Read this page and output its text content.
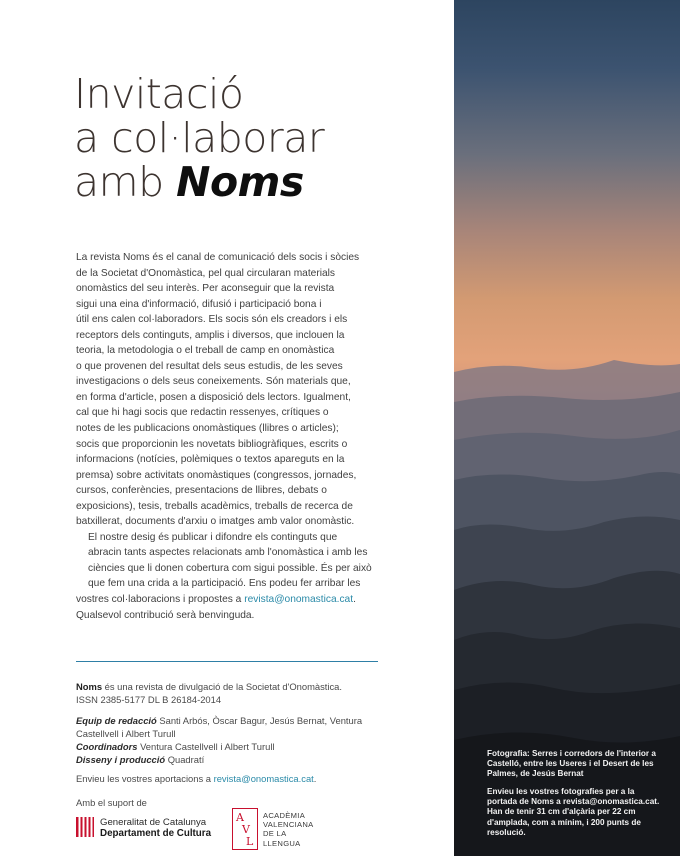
Invitació
a col·laborar
amb Noms

La revista Noms és el canal de comunicació dels socis i sòcies
de la Societat d'Onomàstica, pel qual circularan materials
onomàstics del seu interès. Per aconseguir que la revista
sigui una eina d'informació, difusió i participació bona i
útil ens calen col·laboradors. Els socis són els creadors i els
receptors dels continguts, amplis i diversos, que inclouen la
teoria, la metodologia o el treball de camp en onomàstica
o que provenen del resultat dels seus estudis, de les seves
investigacions o dels seus coneixements. Són materials que,
en forma d'article, posen a disposició dels lectors. Igualment,
cal que hi hagi socis que redactin ressenyes, crítiques o
notes de les publicacions onomàstiques (llibres o articles);
socis que proporcionin les novetats bibliogràfiques, escrits o
informacions (notícies, polèmiques o textos apareguts en la
premsa) sobre activitats onomàstiques (congressos, jornades,
cursos, conferències, presentacions de llibres, debats o
exposicions), tesis, treballs acadèmics, treballs de recerca de
batxillerat, documents d'arxiu o imatges amb valor onomàstic.

El nostre desig és publicar i difondre els continguts que
abracin tants aspectes relacionats amb l'onomàstica i amb les
ciències que li donen cobertura com sigui possible. És per això
que fem una crida a la participació. Ens podeu fer arribar les

vostres col·laboracions i propostes a revista@onomastica.cat.

Qualsevol contribució serà benvinguda.

Noms és una revista de divulgació de la Societat d'Onomàstica.
ISSN 2385-5177 DL B 26184-2014
Equip de redacció Santi Arbós, Òscar Bagur, Jesús Bernat, Ventura
Castellvell i Albert Turull
Coordinadors Ventura Castellvell i Albert Turull
Disseny i producció Quadratí
Envieu les vostres aportacions a revista@onomastica.cat.
Amb el suport de
Generalitat de Catalunya
Departament de Cultura
A
V
L
ACADÈMIA
VALENCIANA
DE LA
LLENGUA

Fotografia: Serres i corredors de l'interior a

Castelló, entre les Useres i el Desert de les

Palmes, de Jesús Bernat

Envieu les vostres fotografies per a la

portada de Noms a revista@onomastica.cat.

Han de tenir 31 cm d'alçària per 22 cm

d'amplada, com a mínim, i 200 punts de

resolució.
